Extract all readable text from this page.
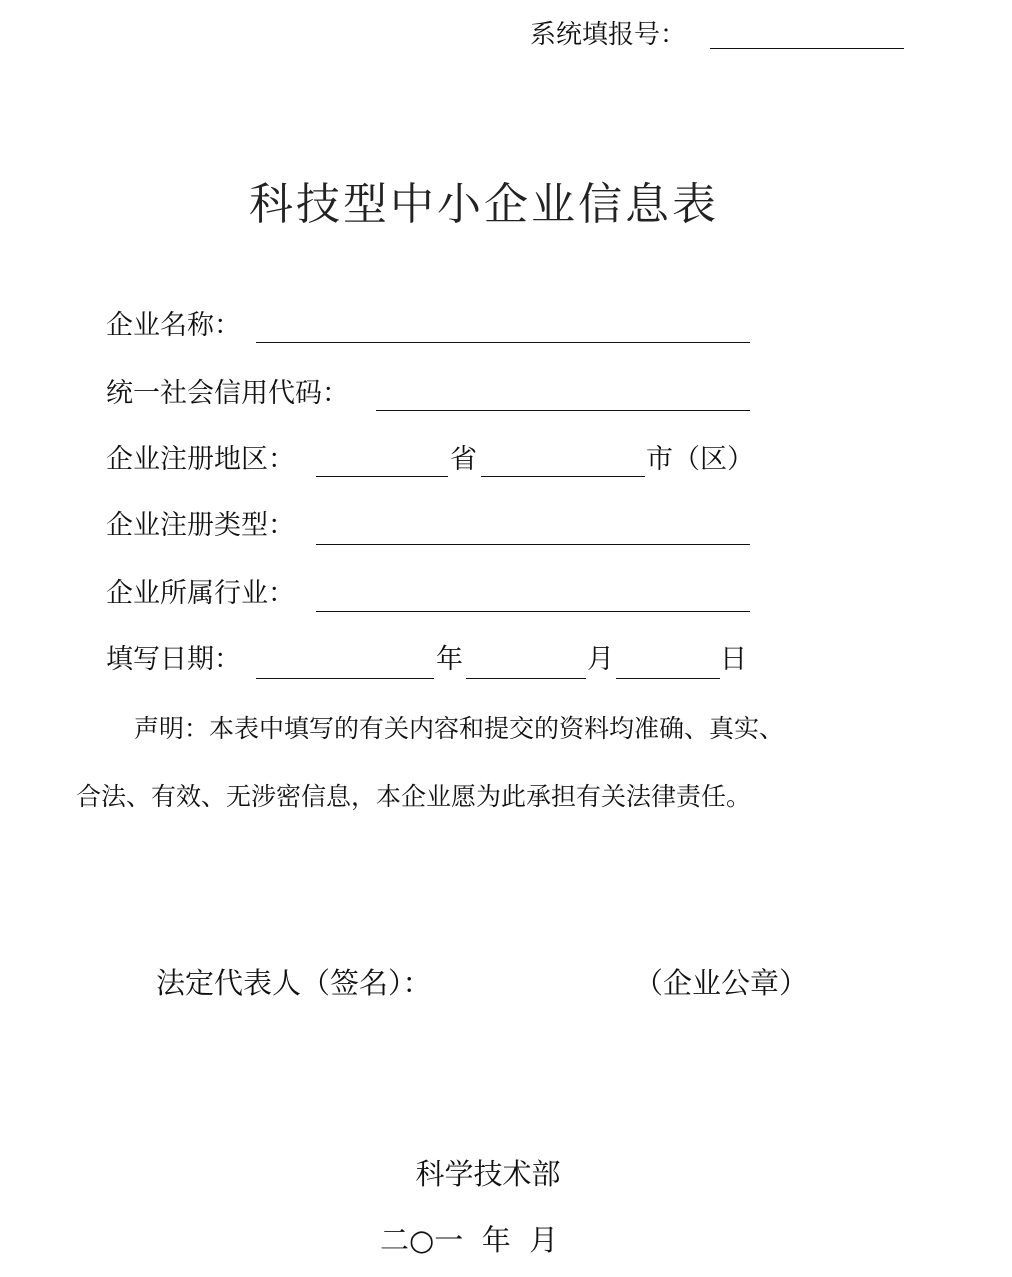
系统填报号：
科技型中小企业信息表
企业名称：
统一社会信用代码：
企业注册地区：	省	市（区）
企业注册类型：
企业所属行业：
填写日期：	年	月	日
声明：本表中填写的有关内容和提交的资料均准确、真实、
合法、有效、无涉密信息，本企业愿为此承担有关法律责任。
法定代表人（签名）：	（企业公章）
科学技术部
二○一  年  月
